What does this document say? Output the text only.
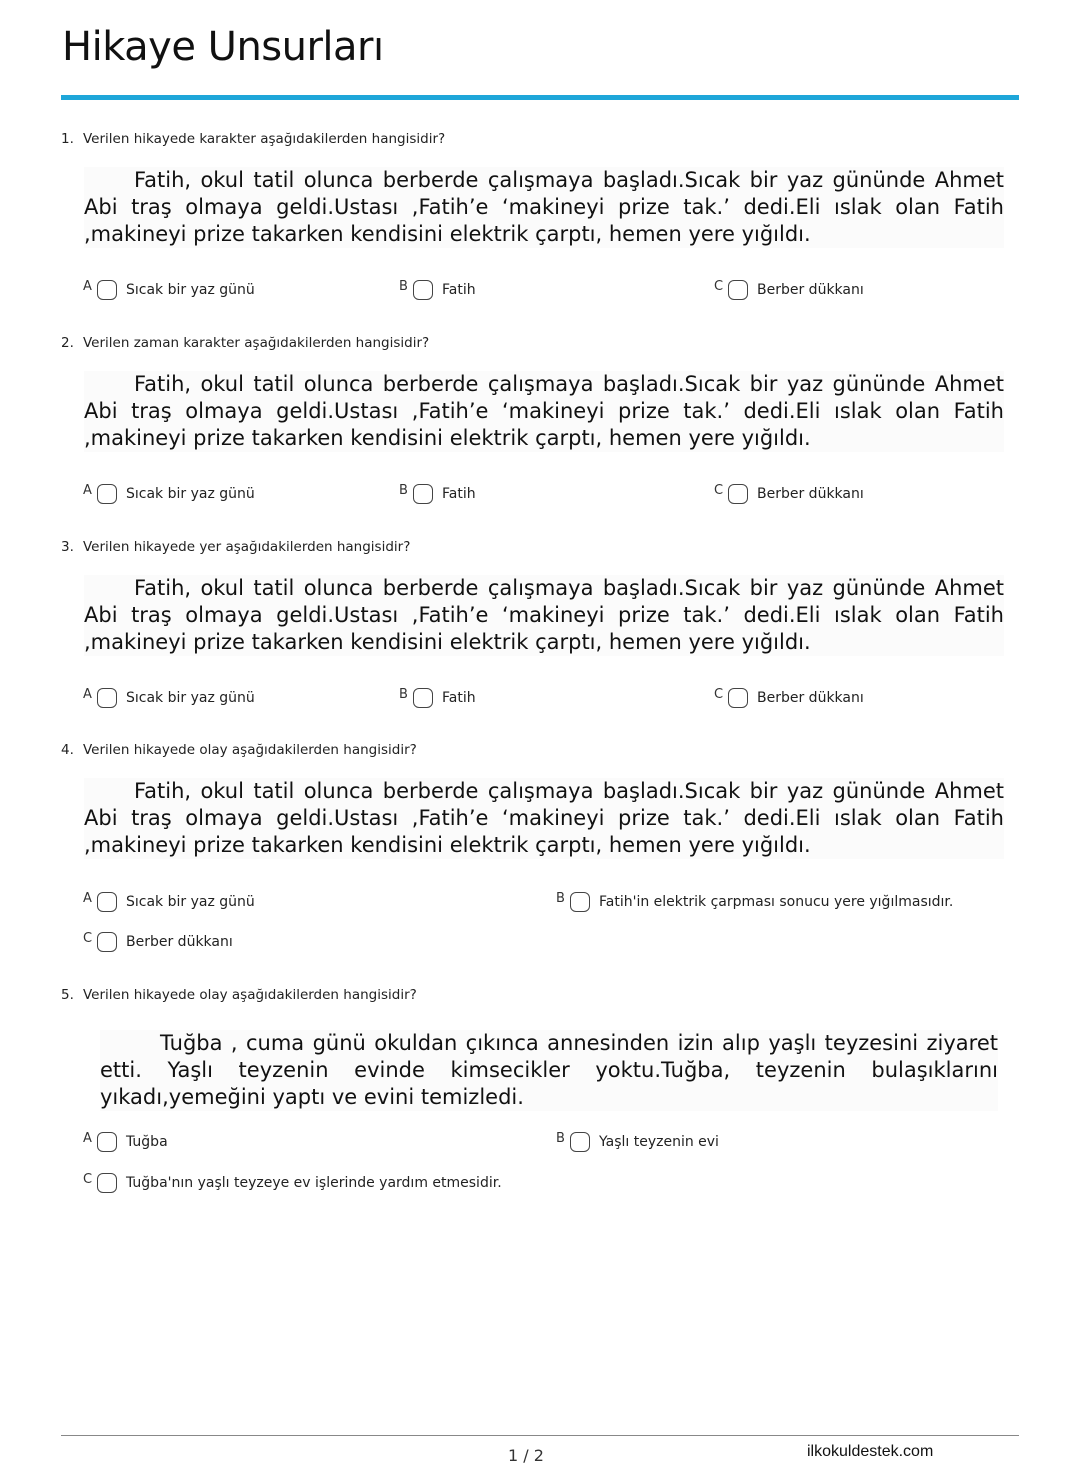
Hikaye Unsurları
1. Verilen hikayede karakter aşağıdakilerden hangisidir?
Fatih, okul tatil olunca berberde çalışmaya başladı.Sıcak bir yaz gününde Ahmet Abi traş olmaya geldi.Ustası ,Fatih’e ‘makineyi prize tak.’ dedi.Eli ıslak olan Fatih ,makineyi prize takarken kendisini elektrik çarptı, hemen yere yığıldı.
A	Sıcak bir yaz günü	B	Fatih	C	Berber dükkanı
2. Verilen zaman karakter aşağıdakilerden hangisidir?
Fatih, okul tatil olunca berberde çalışmaya başladı.Sıcak bir yaz gününde Ahmet Abi traş olmaya geldi.Ustası ,Fatih’e ‘makineyi prize tak.’ dedi.Eli ıslak olan Fatih ,makineyi prize takarken kendisini elektrik çarptı, hemen yere yığıldı.
A	Sıcak bir yaz günü	B	Fatih	C	Berber dükkanı
3. Verilen hikayede yer aşağıdakilerden hangisidir?
Fatih, okul tatil olunca berberde çalışmaya başladı.Sıcak bir yaz gününde Ahmet Abi traş olmaya geldi.Ustası ,Fatih’e ‘makineyi prize tak.’ dedi.Eli ıslak olan Fatih ,makineyi prize takarken kendisini elektrik çarptı, hemen yere yığıldı.
A	Sıcak bir yaz günü	B	Fatih	C	Berber dükkanı
4. Verilen hikayede olay aşağıdakilerden hangisidir?
Fatih, okul tatil olunca berberde çalışmaya başladı.Sıcak bir yaz gününde Ahmet Abi traş olmaya geldi.Ustası ,Fatih’e ‘makineyi prize tak.’ dedi.Eli ıslak olan Fatih ,makineyi prize takarken kendisini elektrik çarptı, hemen yere yığıldı.
A	Sıcak bir yaz günü	B	Fatih'in elektrik çarpması sonucu yere yığılmasıdır.
C	Berber dükkanı
5. Verilen hikayede olay aşağıdakilerden hangisidir?
Tuğba , cuma günü okuldan çıkınca annesinden izin alıp yaşlı teyzesini ziyaret etti. Yaşlı teyzenin evinde kimsecikler yoktu.Tuğba, teyzenin bulaşıklarını yıkadı,yemeğini yaptı ve evini temizledi.
A	Tuğba	B	Yaşlı teyzenin evi
C	Tuğba'nın yaşlı teyzeye ev işlerinde yardım etmesidir.
1 / 2	ilkokuldestek.com
